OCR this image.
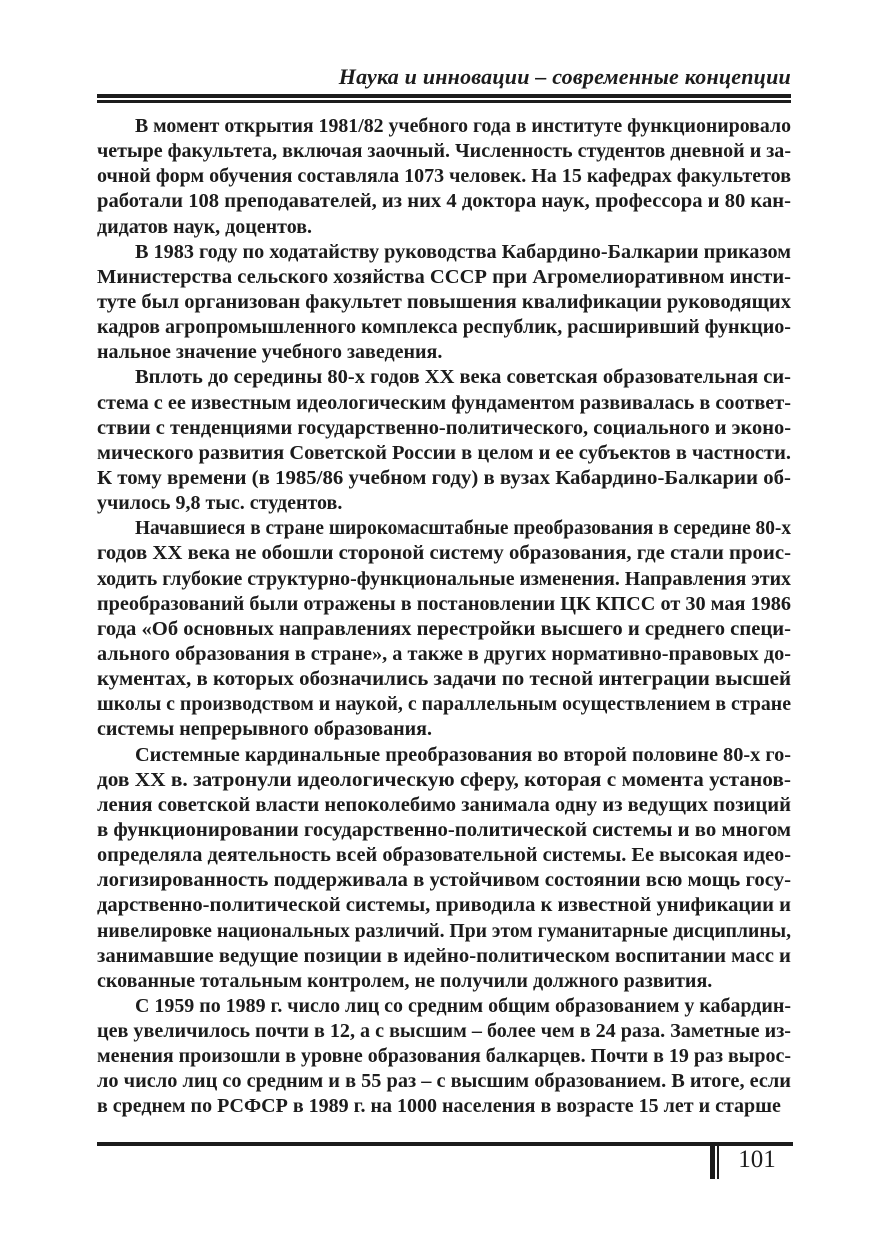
Наука и инновации – современные концепции
В момент открытия 1981/82 учебного года в институте функционировало
четыре факультета, включая заочный. Численность студентов дневной и за-
очной форм обучения составляла 1073 человек. На 15 кафедрах факультетов
работали 108 преподавателей, из них 4 доктора наук, профессора и 80 кан-
дидатов наук, доцентов.
В 1983 году по ходатайству руководства Кабардино-Балкарии приказом
Министерства сельского хозяйства СССР при Агромелиоративном инсти-
туте был организован факультет повышения квалификации руководящих
кадров агропромышленного комплекса республик, расширивший функцио-
нальное значение учебного заведения.
Вплоть до середины 80-х годов XX века советская образовательная си-
стема с ее известным идеологическим фундаментом развивалась в соответ-
ствии с тенденциями государственно-политического, социального и эконо-
мического развития Советской России в целом и ее субъектов в частности.
К тому времени (в 1985/86 учебном году) в вузах Кабардино-Балкарии об-
училось 9,8 тыс. студентов.
Начавшиеся в стране широкомасштабные преобразования в середине 80-х
годов XX века не обошли стороной систему образования, где стали проис-
ходить глубокие структурно-функциональные изменения. Направления этих
преобразований были отражены в постановлении ЦК КПСС от 30 мая 1986
года «Об основных направлениях перестройки высшего и среднего специ-
ального образования в стране», а также в других нормативно-правовых до-
кументах, в которых обозначились задачи по тесной интеграции высшей
школы с производством и наукой, с параллельным осуществлением в стране
системы непрерывного образования.
Системные кардинальные преобразования во второй половине 80-х го-
дов XX в. затронули идеологическую сферу, которая с момента установ-
ления советской власти непоколебимо занимала одну из ведущих позиций
в функционировании государственно-политической системы и во многом
определяла деятельность всей образовательной системы. Ее высокая идео-
логизированность поддерживала в устойчивом состоянии всю мощь госу-
дарственно-политической системы, приводила к известной унификации и
нивелировке национальных различий. При этом гуманитарные дисциплины,
занимавшие ведущие позиции в идейно-политическом воспитании масс и
скованные тотальным контролем, не получили должного развития.
С 1959 по 1989 г. число лиц со средним общим образованием у кабардин-
цев увеличилось почти в 12, а с высшим – более чем в 24 раза. Заметные из-
менения произошли в уровне образования балкарцев. Почти в 19 раз вырос-
ло число лиц со средним и в 55 раз – с высшим образованием. В итоге, если
в среднем по РСФСР в 1989 г. на 1000 населения в возрасте 15 лет и старше
101
